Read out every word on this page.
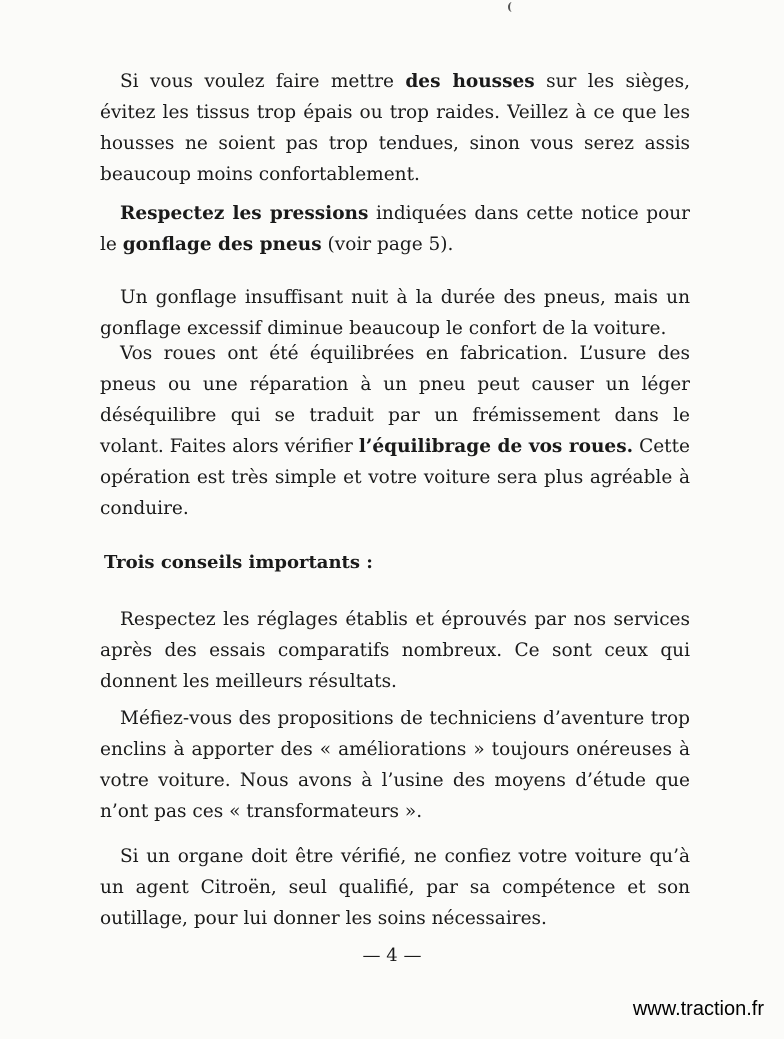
Si vous voulez faire mettre des housses sur les sièges, évitez les tissus trop épais ou trop raides. Veillez à ce que les housses ne soient pas trop tendues, sinon vous serez assis beaucoup moins confortablement.

Respectez les pressions indiquées dans cette notice pour le gonflage des pneus (voir page 5).

Un gonflage insuffisant nuit à la durée des pneus, mais un gonflage excessif diminue beaucoup le confort de la voiture.

Vos roues ont été équilibrées en fabrication. L’usure des pneus ou une réparation à un pneu peut causer un léger déséquilibre qui se traduit par un frémissement dans le volant. Faites alors vérifier l’équilibrage de vos roues. Cette opération est très simple et votre voiture sera plus agréable à conduire.

Trois conseils importants :

Respectez les réglages établis et éprouvés par nos services après des essais comparatifs nombreux. Ce sont ceux qui donnent les meilleurs résultats.

Méfiez-vous des propositions de techniciens d’aventure trop enclins à apporter des « améliorations » toujours onéreuses à votre voiture. Nous avons à l’usine des moyens d’étude que n’ont pas ces « transformateurs ».

Si un organe doit être vérifié, ne confiez votre voiture qu’à un agent Citroën, seul qualifié, par sa compétence et son outillage, pour lui donner les soins nécessaires.

— 4 —
www.traction.fr
